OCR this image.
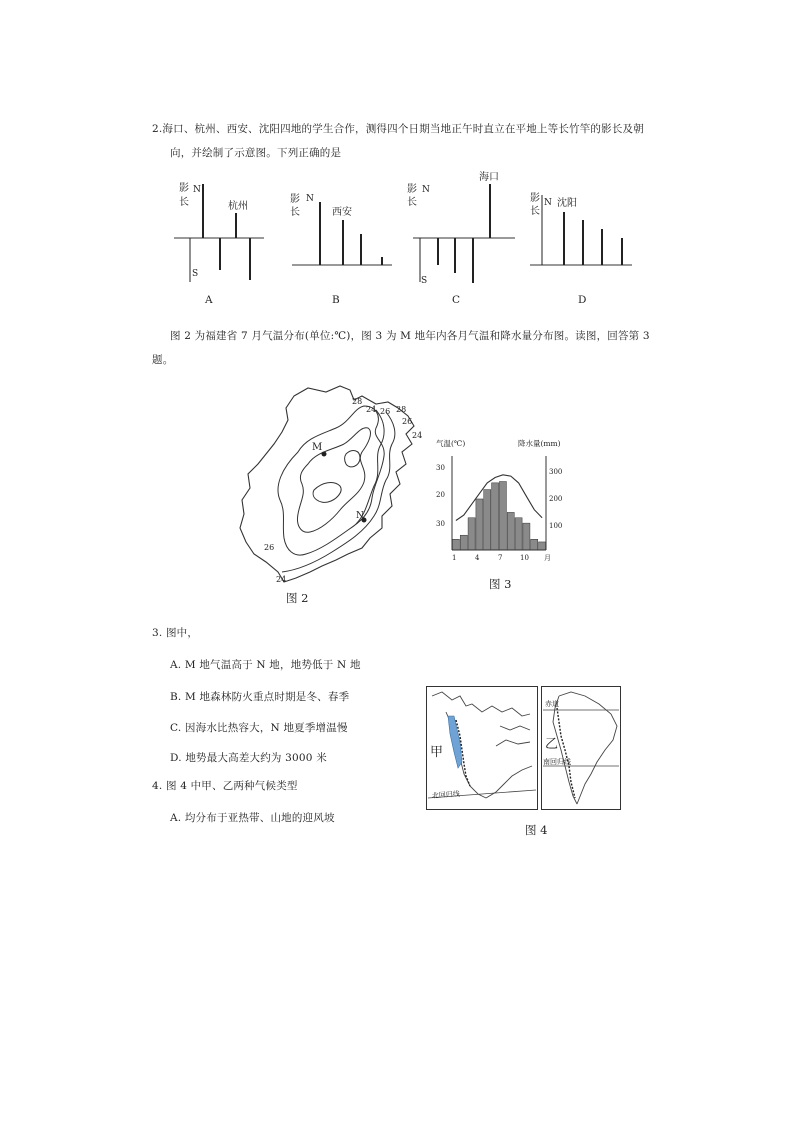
2.海口、杭州、西安、沈阳四地的学生合作，测得四个日期当地正午时直立在平地上等长竹竿的影长及朝
向，并绘制了示意图。下列正确的是
影
长
N
S
杭州
A
影
长
N
西安
B
影
长
N
S
海口
C
影
长
N 沈阳
D
图 2 为福建省 7 月气温分布(单位:℃)，图 3 为 M 地年内各月气温和降水量分布图。读图，回答第 3
题。
M
N
28
24 26 28
26
24
26
24
图 2
气温(℃)	降水量(mm)
30
20
30
300
200
100
1	4	7	10 月
图 3
3. 图中，
A. M 地气温高于 N 地，地势低于 N 地
B. M 地森林防火重点时期是冬、春季
C. 因海水比热容大，N 地夏季增温慢
D. 地势最大高差大约为 3000 米
4. 图 4 中甲、乙两种气候类型
A. 均分布于亚热带、山地的迎风坡
甲
北回归线
赤道
乙
南回归线
图 4
